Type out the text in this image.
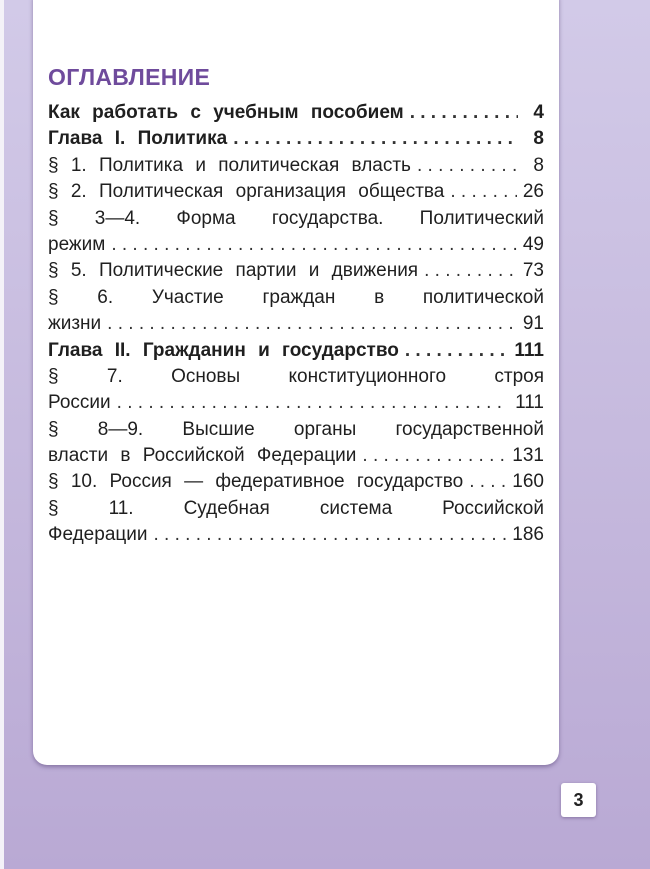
ОГЛАВЛЕНИЕ
Как работать с учебным пособием . . .	4
Глава I. Политика . . .	8
§ 1. Политика и политическая власть . . .	8
§ 2. Политическая организация общества . . .	26
§ 3—4. Форма государства. Политический
режим . . .	49
§ 5. Политические партии и движения . . .	73
§ 6. Участие граждан в политической
жизни . . .	91
Глава II. Гражданин и государство . . .	111
§ 7. Основы конституционного строя
России . . .	111
§ 8—9. Высшие органы государственной
власти в Российской Федерации . . .	131
§ 10. Россия — федеративное государство . . .	160
§ 11. Судебная система Российской
Федерации . . .	186
3
